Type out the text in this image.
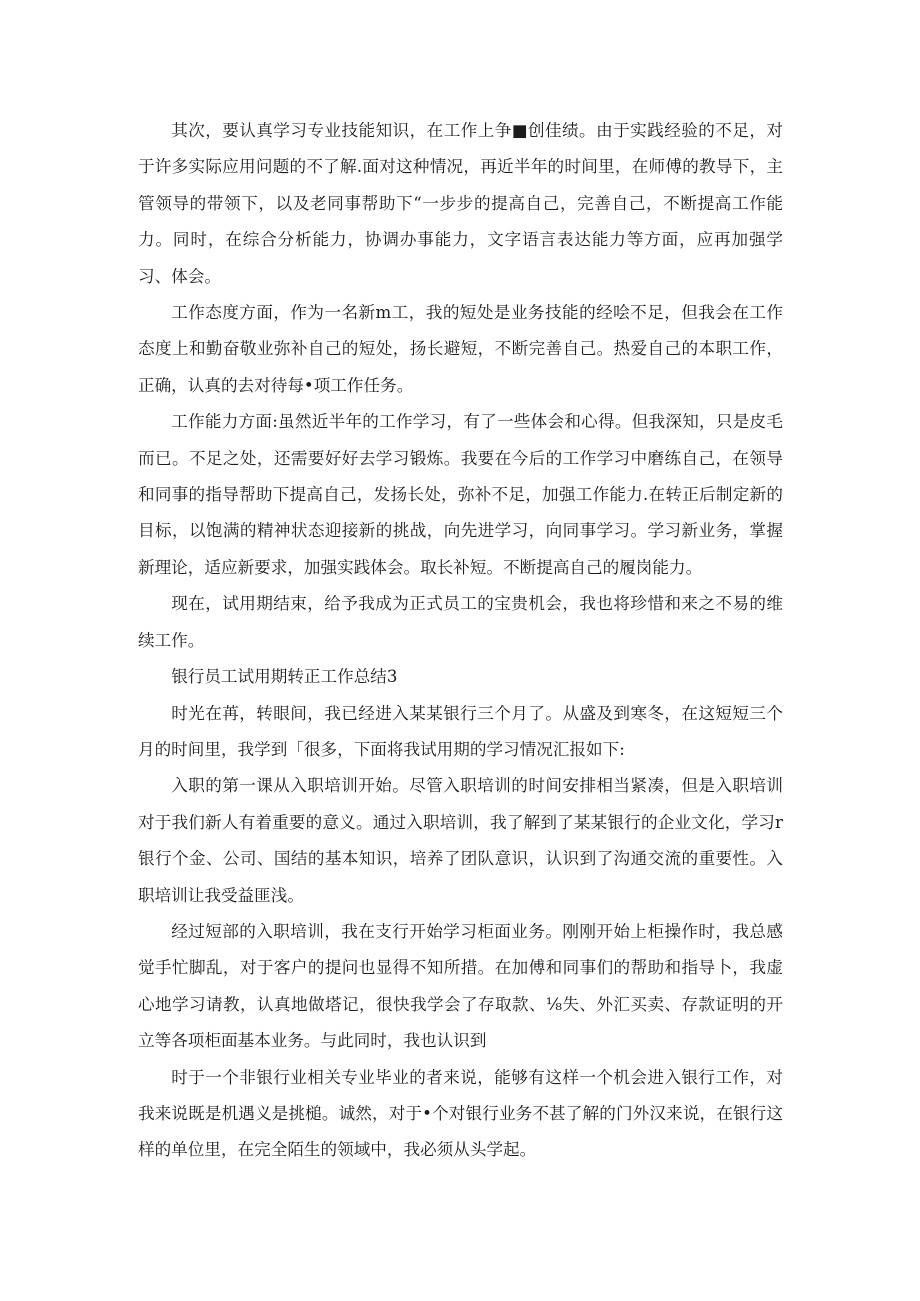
其次，要认真学习专业技能知识，在工作上争■创佳绩。由于实践经验的不足，对于许多实际应用问题的不了解.面对这种情况，再近半年的时间里，在师傅的教导下，主管领导的带领下，以及老同事帮助下“一步步的提高自己，完善自己，不断提高工作能力。同时，在综合分析能力，协调办事能力，文字语言表达能力等方面，应再加强学习、体会。

工作态度方面，作为一名新m工，我的短处是业务技能的经哙不足，但我会在工作态度上和勤奋敬业弥补自己的短处，扬长避短，不断完善自己。热爱自己的本职工作，正确，认真的去对待每•项工作任务。

工作能力方面:虽然近半年的工作学习，有了一些体会和心得。但我深知，只是皮毛而已。不足之处，还需要好好去学习锻炼。我要在今后的工作学习中磨练自己，在领导和同事的指导帮助下提高自己，发扬长处，弥补不足，加强工作能力.在转正后制定新的目标，以饱满的精神状态迎接新的挑战，向先进学习，向同事学习。学习新业务，掌握新理论，适应新要求，加强实践体会。取长补短。不断提高自己的履岗能力。

现在，试用期结束，给予我成为正式员工的宝贵机会，我也将珍惜和来之不易的维续工作。

银行员工试用期转正工作总结3

时光在苒，转眼间，我已经进入某某银行三个月了。从盛及到寒冬，在这短短三个月的时间里，我学到「很多，下面将我试用期的学习情况汇报如下:

入职的第一课从入职培训开始。尽管入职培训的时间安排相当紧凑，但是入职培训对于我们新人有着重要的意义。通过入职培训，我了解到了某某银行的企业文化，学习r银行个金、公司、国结的基本知识，培养了团队意识，认识到了沟通交流的重要性。入职培训让我受益匪浅。

经过短部的入职培训，我在支行开始学习柜面业务。刚刚开始上柜操作时，我总感觉手忙脚乱，对于客户的提问也显得不知所措。在加傅和同事们的帮助和指导卜，我虚心地学习请教，认真地做塔记，很快我学会了存取款、⅛失、外汇买卖、存款证明的开立等各项柜面基本业务。与此同时，我也认识到

时于一个非银行业相关专业毕业的者来说，能够有这样一个机会进入银行工作，对我来说既是机遇义是挑槌。诚然，对于•个对银行业务不甚了解的门外汉来说，在银行这样的单位里，在完全陌生的领域中，我必须从头学起。
